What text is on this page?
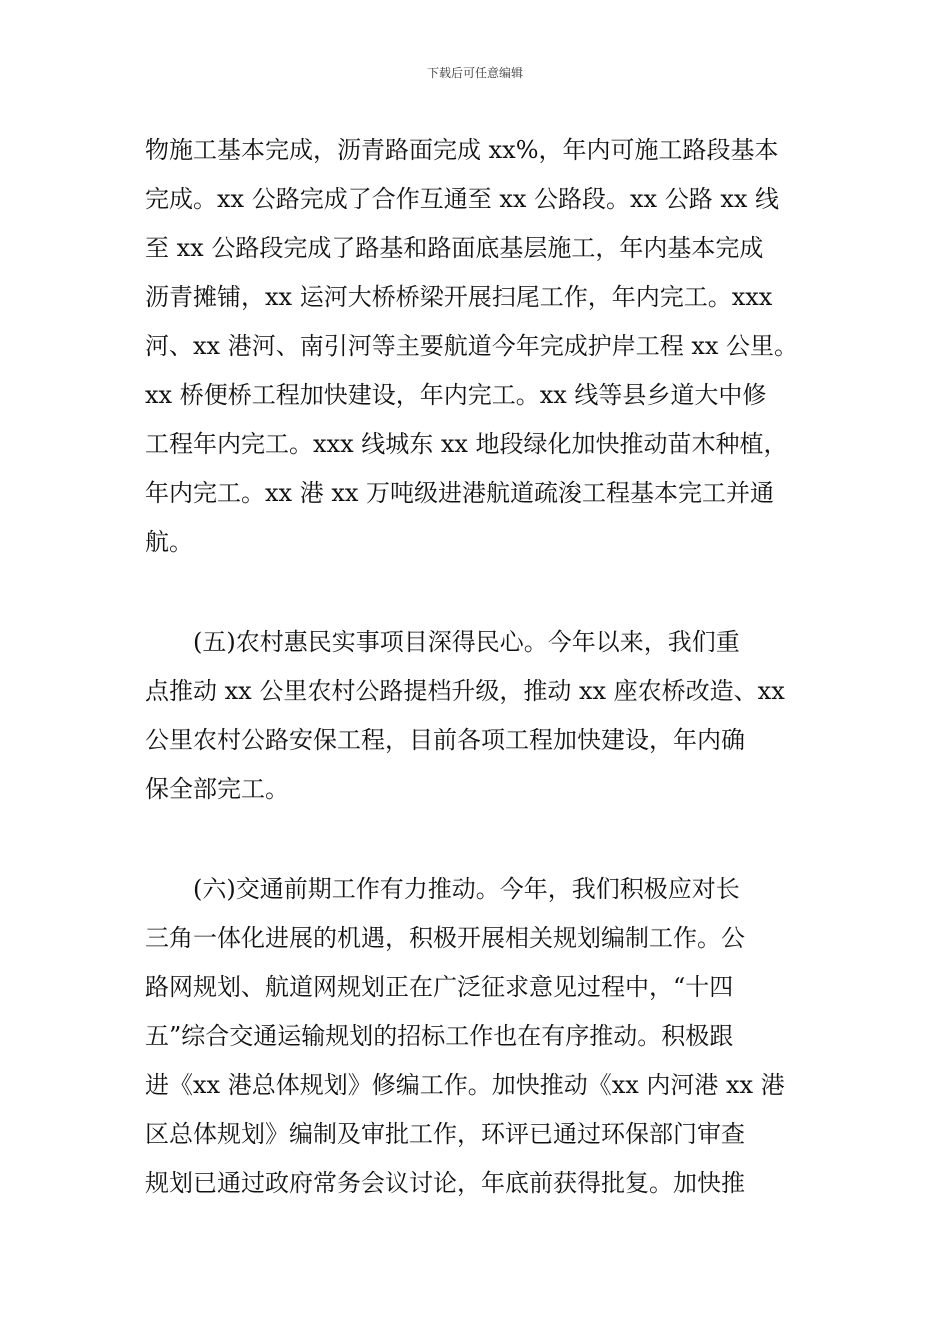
下载后可任意编辑
物施工基本完成，沥青路面完成 xx%，年内可施工路段基本
完成。xx 公路完成了合作互通至 xx 公路段。xx 公路 xx 线
至 xx 公路段完成了路基和路面底基层施工，年内基本完成
沥青摊铺，xx 运河大桥桥梁开展扫尾工作，年内完工。xxx
河、xx 港河、南引河等主要航道今年完成护岸工程 xx 公里。
xx 桥便桥工程加快建设，年内完工。xx 线等县乡道大中修
工程年内完工。xxx 线城东 xx 地段绿化加快推动苗木种植，
年内完工。xx 港 xx 万吨级进港航道疏浚工程基本完工并通
航。
　　(五)农村惠民实事项目深得民心。今年以来，我们重
点推动 xx 公里农村公路提档升级，推动 xx 座农桥改造、xx
公里农村公路安保工程，目前各项工程加快建设，年内确
保全部完工。
　　(六)交通前期工作有力推动。今年，我们积极应对长
三角一体化进展的机遇，积极开展相关规划编制工作。公
路网规划、航道网规划正在广泛征求意见过程中，“十四
五”综合交通运输规划的招标工作也在有序推动。积极跟
进《xx 港总体规划》修编工作。加快推动《xx 内河港 xx 港
区总体规划》编制及审批工作，环评已通过环保部门审查
规划已通过政府常务会议讨论，年底前获得批复。加快推
